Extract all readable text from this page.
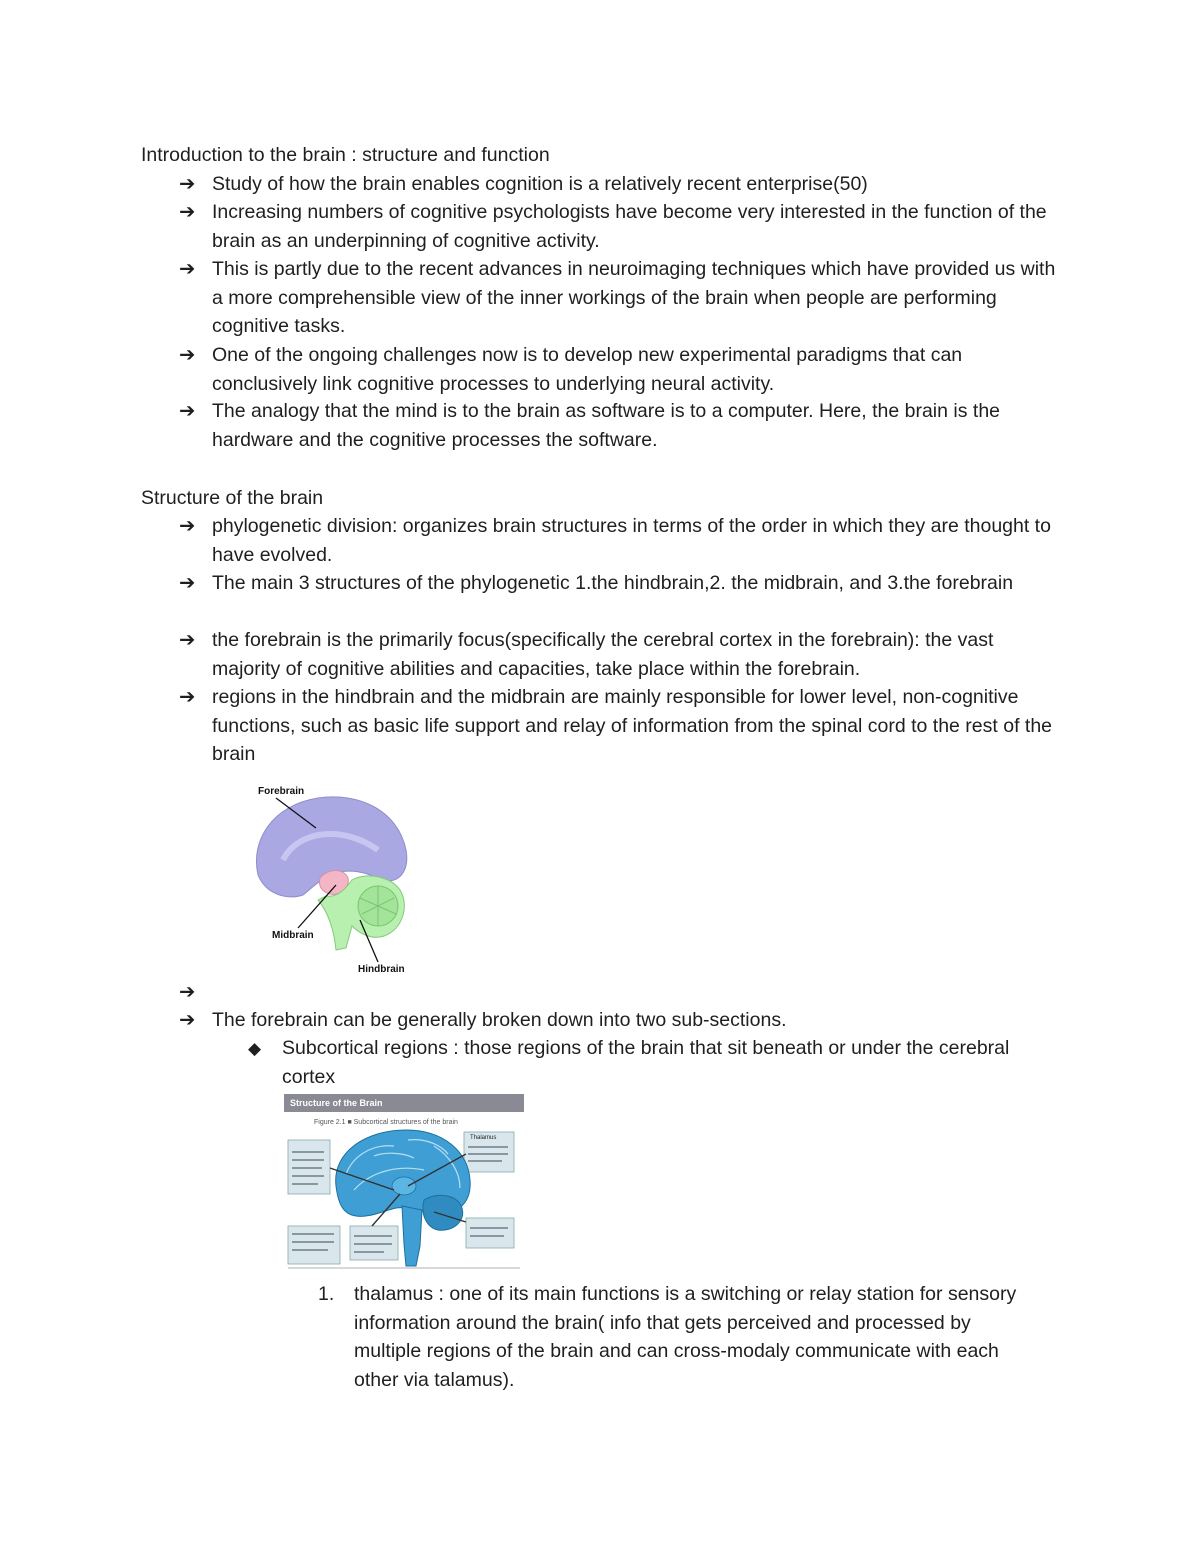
Introduction to the brain : structure and function
➔ Study of how the brain enables cognition is a relatively recent enterprise(50)
➔ Increasing numbers of cognitive psychologists have become very interested in the function of the brain as an underpinning of cognitive activity.
➔ This is partly due to the recent advances in neuroimaging techniques which have provided us with a more comprehensible view of the inner workings of the brain when people are performing cognitive tasks.
➔ One of the ongoing challenges now is to develop new experimental paradigms that can conclusively link cognitive processes to underlying neural activity.
➔ The analogy that the mind is to the brain as software is to a computer. Here, the brain is the hardware and the cognitive processes the software.
Structure of the brain
➔ phylogenetic division: organizes brain structures in terms of the order in which they are thought to have evolved.
➔ The main 3 structures of the phylogenetic 1.the hindbrain,2. the midbrain, and 3.the forebrain
➔ the forebrain is the primarily focus(specifically the cerebral cortex in the forebrain): the vast majority of cognitive abilities and capacities, take place within the forebrain.
➔ regions in the hindbrain and the midbrain are mainly responsible for lower level, non-cognitive functions, such as basic life support and relay of information from the spinal cord to the rest of the brain
Forebrain
Midbrain
Hindbrain
➔
➔ The forebrain can be generally broken down into two sub-sections.
◆ Subcortical regions : those regions of the brain that sit beneath or under the cerebral cortex
Structure of the Brain
Figure 2.1 ■ Subcortical structures of the brain
Thalamus
1. thalamus : one of its main functions is a switching or relay station for sensory information around the brain( info that gets perceived and processed by multiple regions of the brain and can cross-modaly communicate with each other via talamus).
